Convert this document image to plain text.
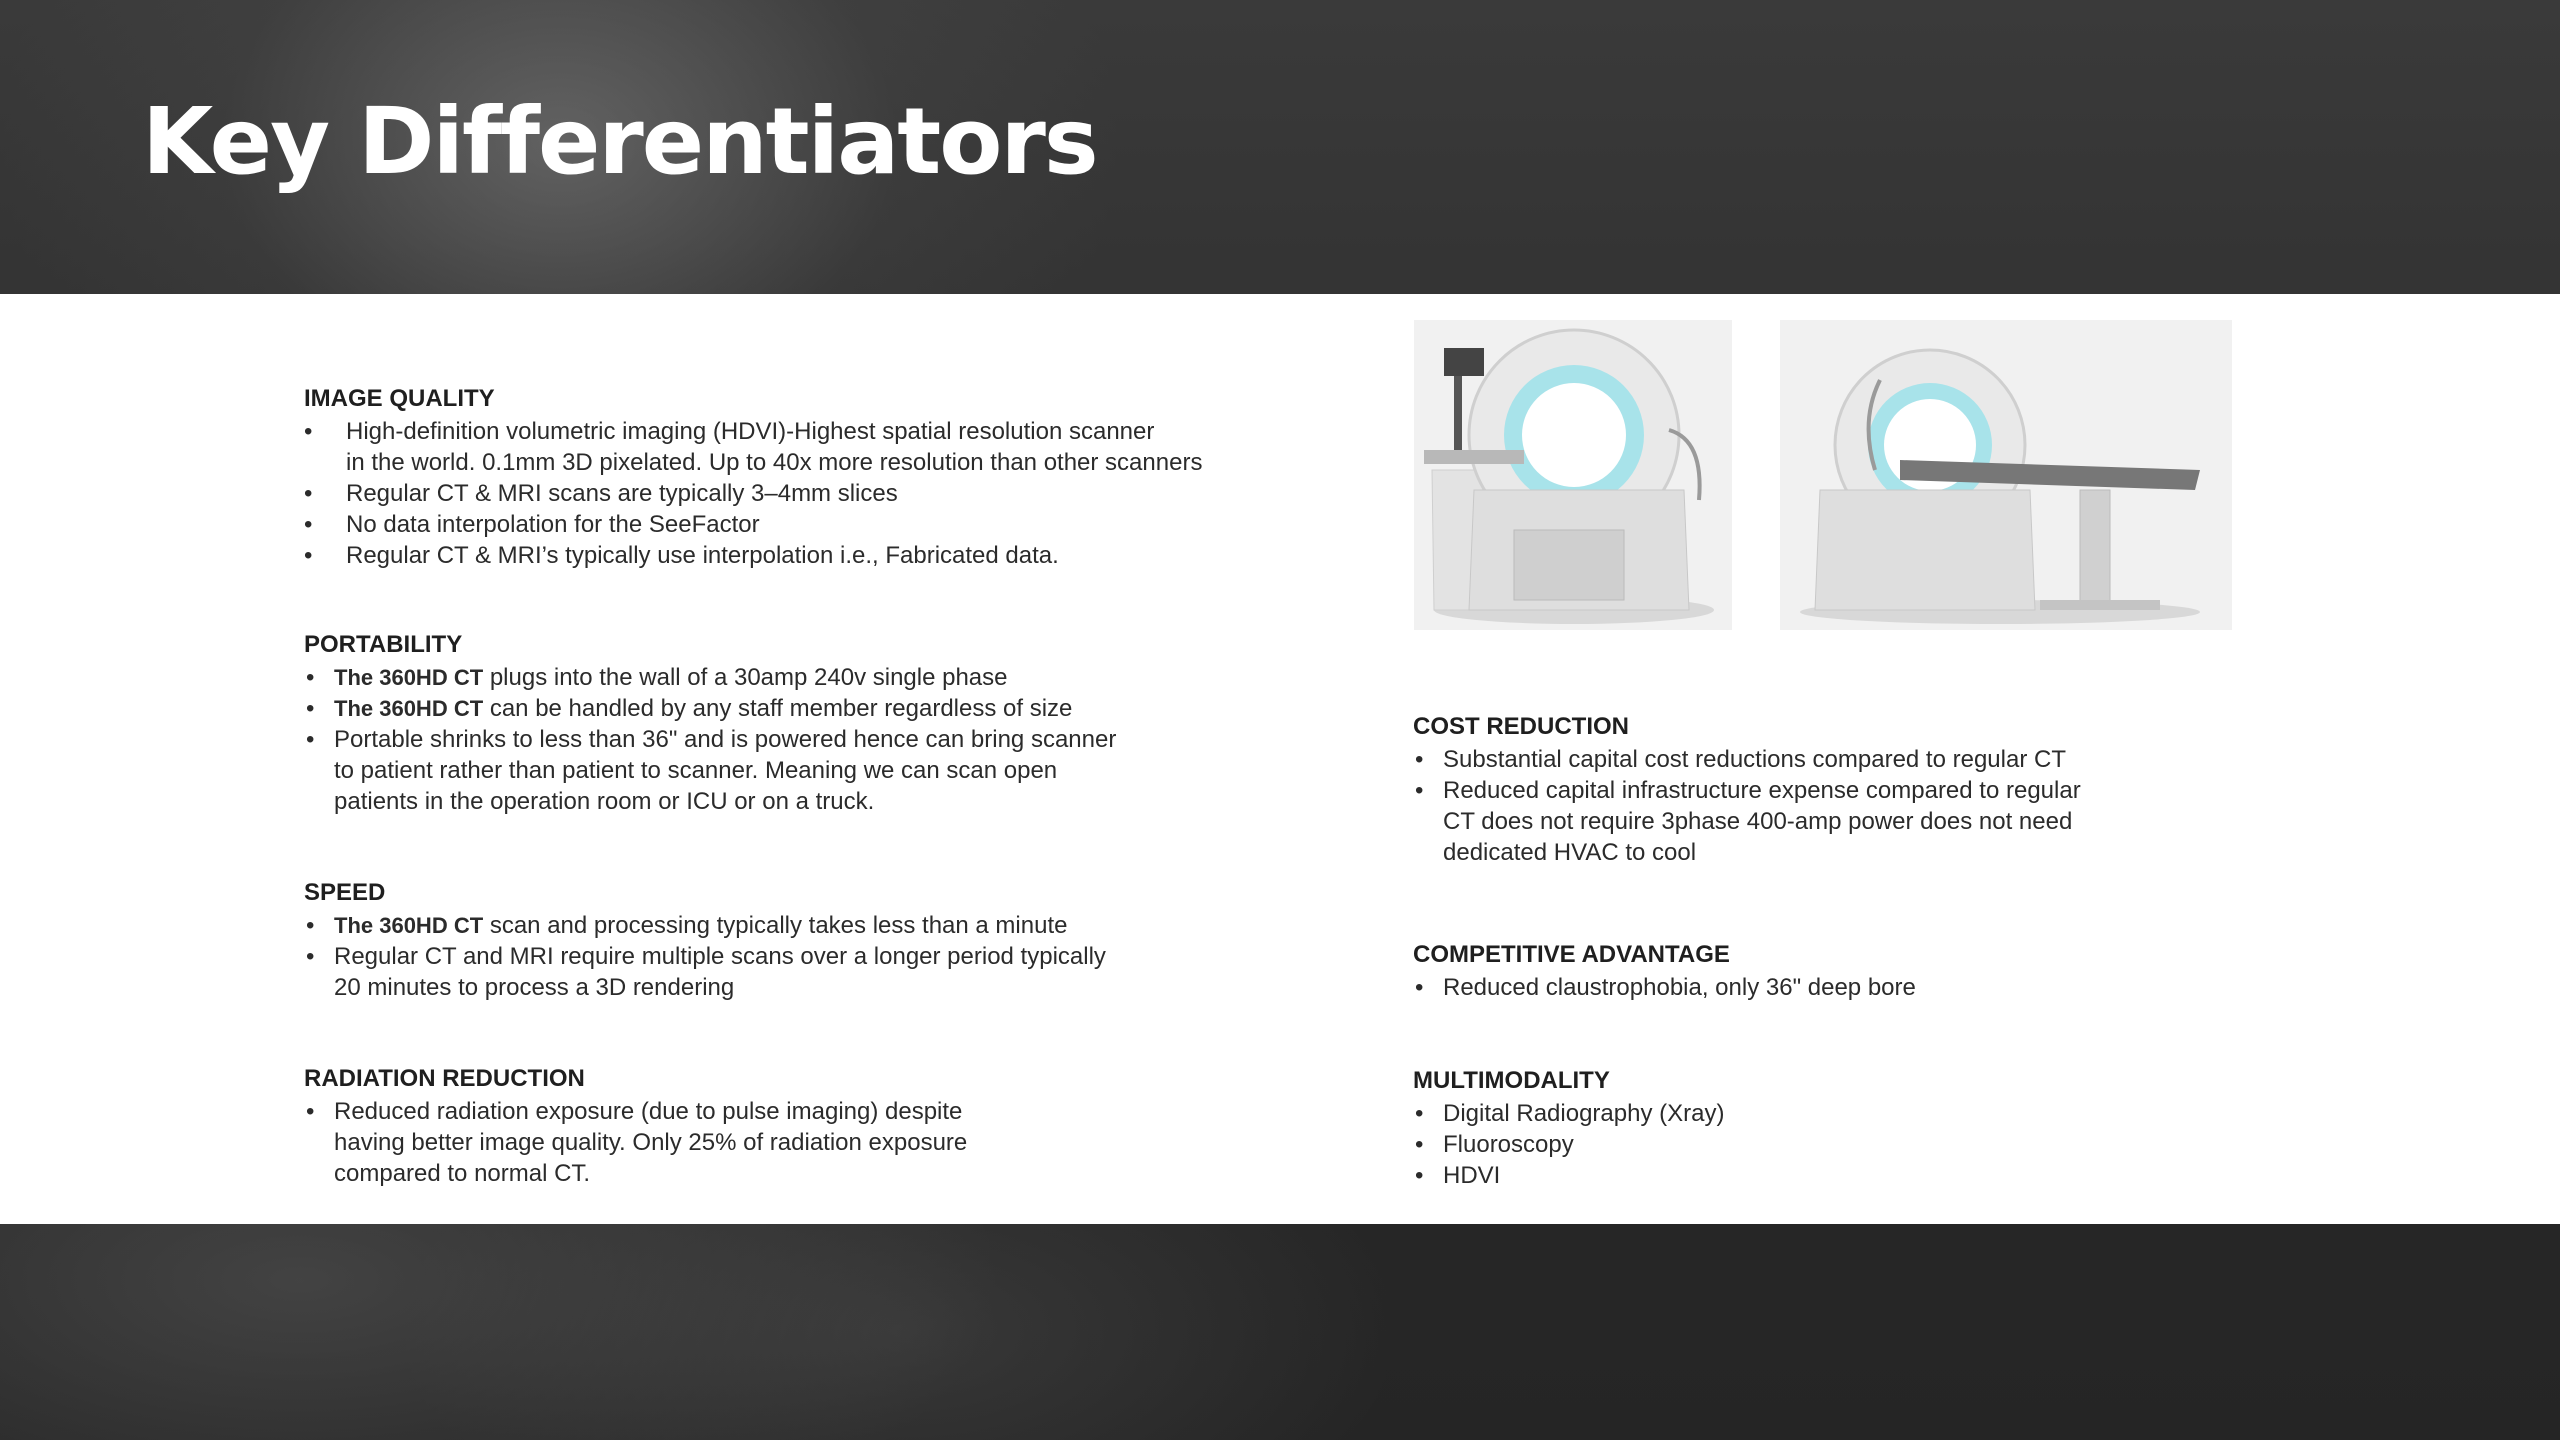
Key Differentiators
IMAGE QUALITY
• High-definition volumetric imaging (HDVI)-Highest spatial resolution scanner
in the world. 0.1mm 3D pixelated. Up to 40x more resolution than other scanners
• Regular CT & MRI scans are typically 3–4mm slices
• No data interpolation for the SeeFactor
• Regular CT & MRI’s typically use interpolation i.e., Fabricated data.
PORTABILITY
• The 360HD CT plugs into the wall of a 30amp 240v single phase
• The 360HD CT can be handled by any staff member regardless of size
• Portable shrinks to less than 36" and is powered hence can bring scanner
to patient rather than patient to scanner. Meaning we can scan open
patients in the operation room or ICU or on a truck.
SPEED
• The 360HD CT scan and processing typically takes less than a minute
• Regular CT and MRI require multiple scans over a longer period typically
20 minutes to process a 3D rendering
RADIATION REDUCTION
• Reduced radiation exposure (due to pulse imaging) despite
having better image quality. Only 25% of radiation exposure
compared to normal CT.
COST REDUCTION
• Substantial capital cost reductions compared to regular CT
• Reduced capital infrastructure expense compared to regular
CT does not require 3phase 400-amp power does not need
dedicated HVAC to cool
COMPETITIVE ADVANTAGE
• Reduced claustrophobia, only 36" deep bore
MULTIMODALITY
• Digital Radiography (Xray)
• Fluoroscopy
• HDVI
